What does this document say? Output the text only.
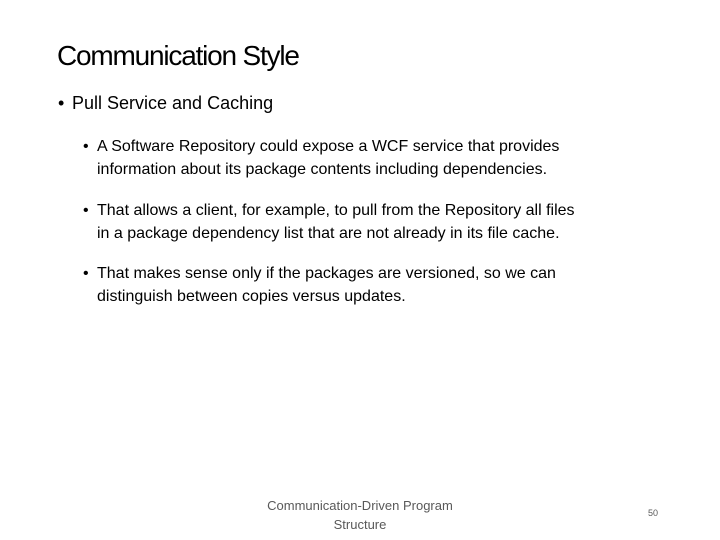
Communication Style
• Pull Service and Caching
• A Software Repository could expose a WCF service that provides
information about its package contents including dependencies.
• That allows a client, for example, to pull from the Repository all files
in a package dependency list that are not already in its file cache.
• That makes sense only if the packages are versioned, so we can
distinguish between copies versus updates.
Communication-Driven Program
Structure
50
